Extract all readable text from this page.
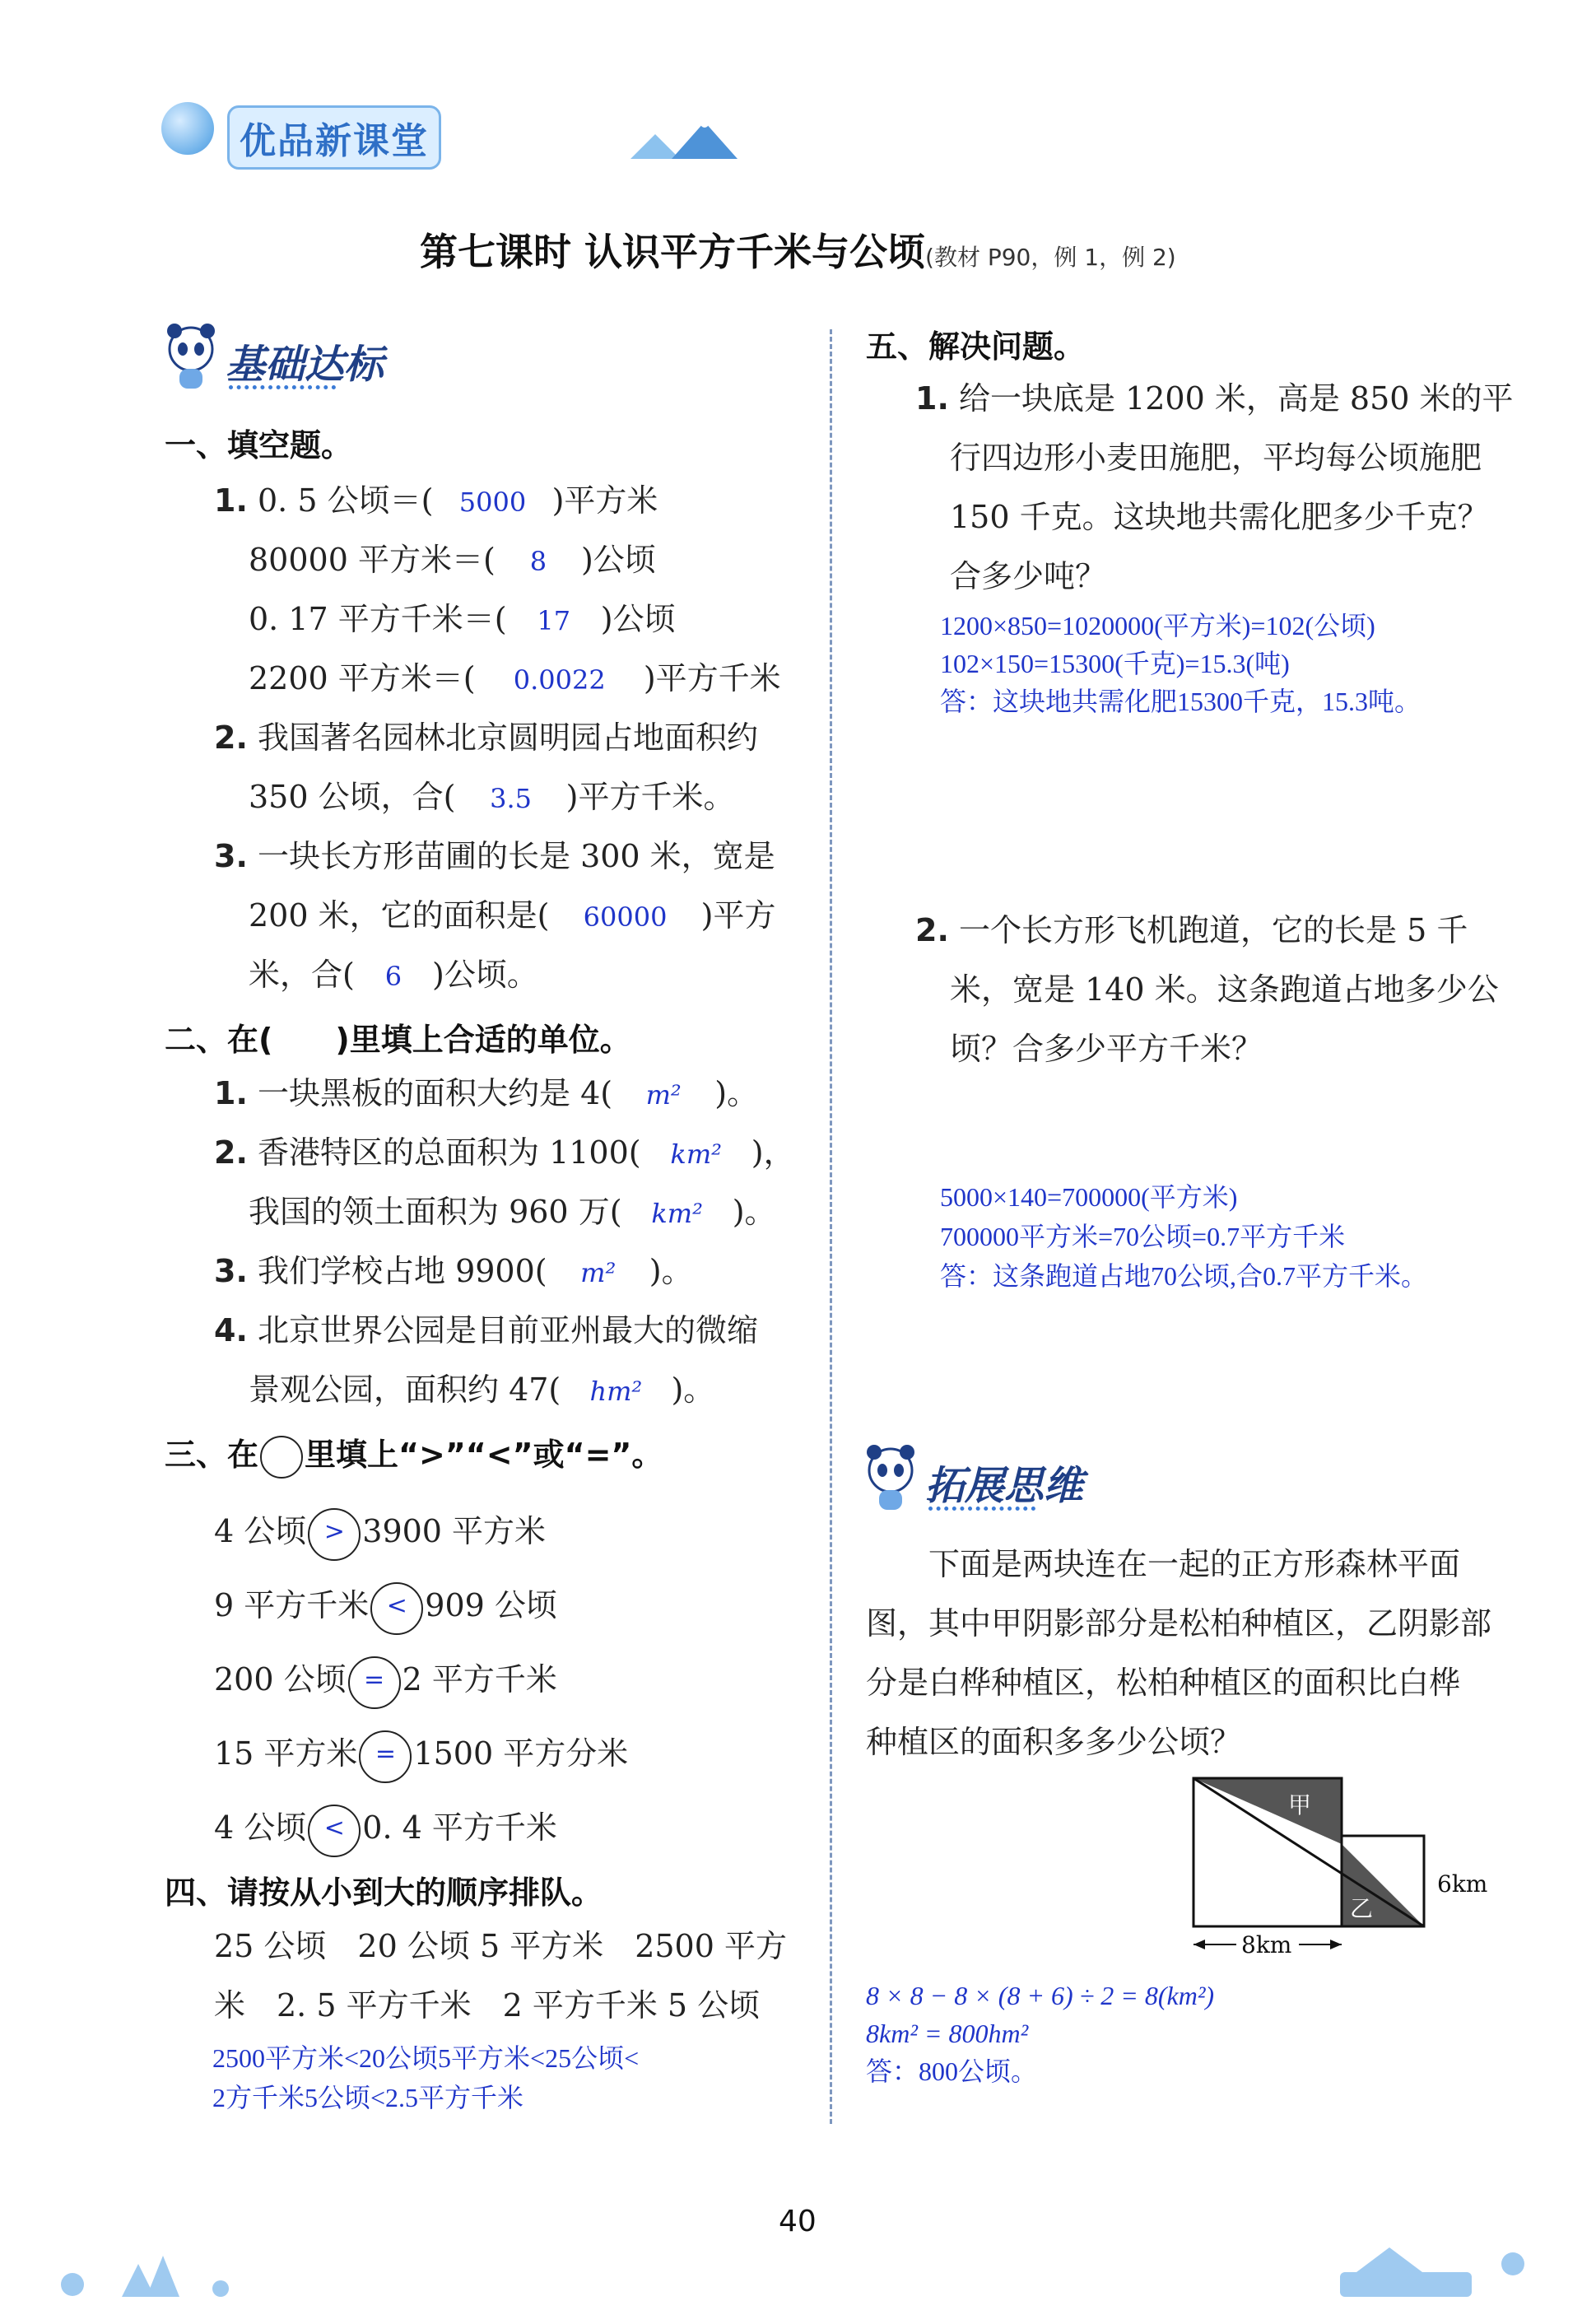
优品新课堂
第七课时 认识平方千米与公顷(教材 P90，例 1，例 2)
基础达标
一、填空题。
1. 0. 5 公顷＝( 5000 )平方米
80000 平方米＝( 8 )公顷
0. 17 平方千米＝( 17 )公顷
2200 平方米＝( 0.0022 )平方千米
2. 我国著名园林北京圆明园占地面积约
350 公顷，合( 3.5 )平方千米。
3. 一块长方形苗圃的长是 300 米，宽是
200 米，它的面积是( 60000 )平方
米，合( 6 )公顷。
二、在(　　)里填上合适的单位。
1. 一块黑板的面积大约是 4( m² )。
2. 香港特区的总面积为 1100( km² )，
我国的领土面积为 960 万( km² )。
3. 我们学校占地 9900( m² )。
4. 北京世界公园是目前亚州最大的微缩
景观公园，面积约 47( hm² )。
三、在 里填上“>”“<”或“=”。
4 公顷 > 3900 平方米
9 平方千米 < 909 公顷
200 公顷 = 2 平方千米
15 平方米 = 1500 平方分米
4 公顷 < 0. 4 平方千米
四、请按从小到大的顺序排队。
25 公顷　20 公顷 5 平方米　2500 平方
米　2. 5 平方千米　2 平方千米 5 公顷
2500平方米<20公顷5平方米<25公顷<
2方千米5公顷<2.5平方千米
五、解决问题。
1. 给一块底是 1200 米，高是 850 米的平
行四边形小麦田施肥，平均每公顷施肥
150 千克。这块地共需化肥多少千克？
合多少吨？
1200×850=1020000(平方米)=102(公顷)
102×150=15300(千克)=15.3(吨)
答：这块地共需化肥15300千克，15.3吨。
2. 一个长方形飞机跑道，它的长是 5 千
米，宽是 140 米。这条跑道占地多少公
顷？合多少平方千米？
5000×140=700000(平方米)
700000平方米=70公顷=0.7平方千米
答：这条跑道占地70公顷,合0.7平方千米。
拓展思维
下面是两块连在一起的正方形森林平面
图，其中甲阴影部分是松柏种植区，乙阴影部
分是白桦种植区，松柏种植区的面积比白桦
种植区的面积多多少公顷？
甲
乙
6km
8km
8 × 8 − 8 × (8 + 6) ÷ 2 = 8(km²)
8km² = 800hm²
答：800公顷。
40
